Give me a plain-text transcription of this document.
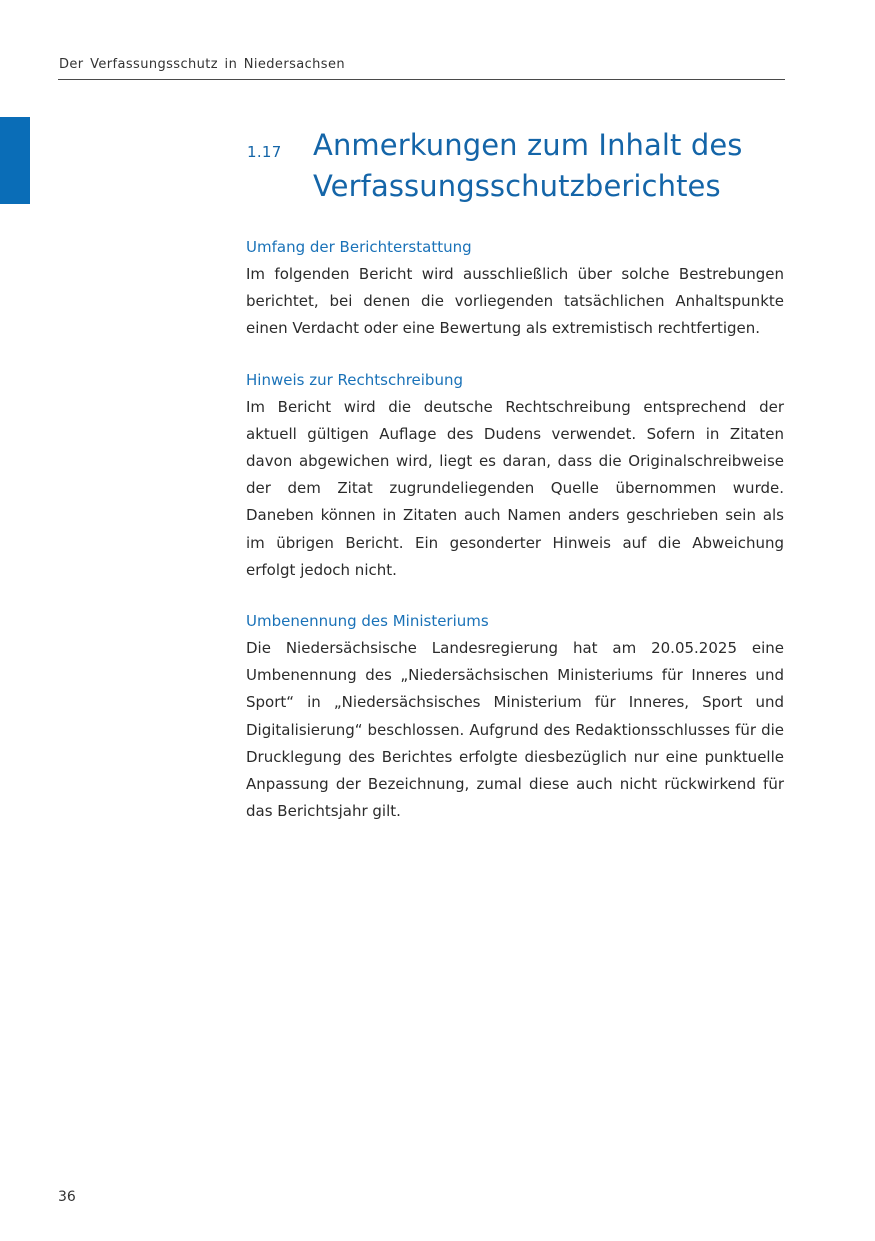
Der Verfassungsschutz in Niedersachsen
1.17 Anmerkungen zum Inhalt des Verfassungsschutzberichtes
Umfang der Berichterstattung

Im folgenden Bericht wird ausschließlich über solche Bestrebungen berichtet, bei denen die vorliegenden tatsächlichen Anhaltspunkte einen Verdacht oder eine Bewertung als extremistisch rechtfertigen.

Hinweis zur Rechtschreibung

Im Bericht wird die deutsche Rechtschreibung entsprechend der aktuell gültigen Auflage des Dudens verwendet. Sofern in Zitaten davon abgewichen wird, liegt es daran, dass die Originalschreibweise der dem Zitat zugrundeliegenden Quelle übernommen wurde. Daneben können in Zitaten auch Namen anders geschrieben sein als im übrigen Bericht. Ein gesonderter Hinweis auf die Abweichung erfolgt jedoch nicht.

Umbenennung des Ministeriums

Die Niedersächsische Landesregierung hat am 20.05.2025 eine Umbenennung des „Niedersächsischen Ministeriums für Inneres und Sport“ in „Niedersächsisches Ministerium für Inneres, Sport und Digitalisierung“ beschlossen. Aufgrund des Redaktionsschlusses für die Drucklegung des Berichtes erfolgte diesbezüglich nur eine punktuelle Anpassung der Bezeichnung, zumal diese auch nicht rückwirkend für das Berichtsjahr gilt.

36
